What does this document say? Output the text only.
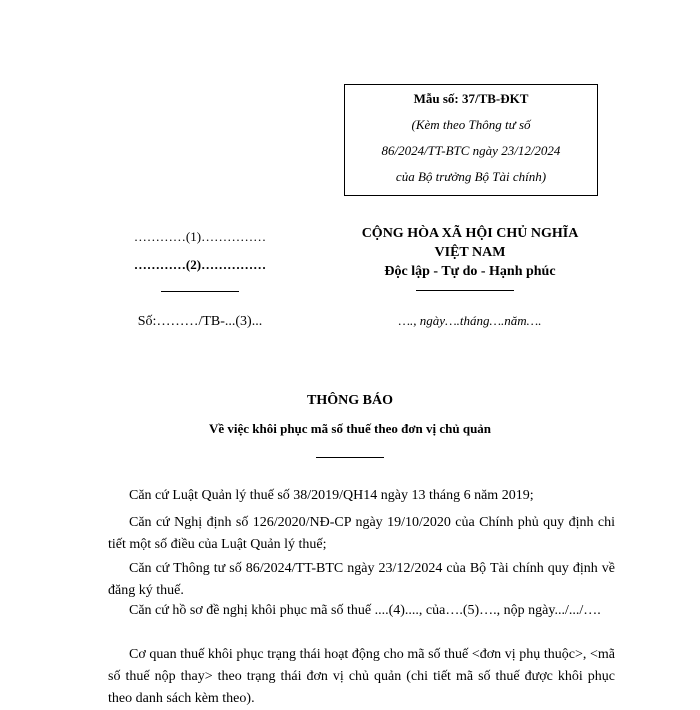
Mẫu số: 37/TB-ĐKT
(Kèm theo Thông tư số
86/2024/TT-BTC ngày 23/12/2024
của Bộ trưởng Bộ Tài chính)
…………(1)……………
…………(2)……………
Số:………/TB-...(3)...
CỘNG HÒA XÃ HỘI CHỦ NGHĨA
VIỆT NAM
Độc lập - Tự do - Hạnh phúc
…., ngày….tháng….năm….
THÔNG BÁO
Về việc khôi phục mã số thuế theo đơn vị chủ quản
Căn cứ Luật Quản lý thuế số 38/2019/QH14 ngày 13 tháng 6 năm 2019;
Căn cứ Nghị định số 126/2020/NĐ-CP ngày 19/10/2020 của Chính phủ quy định chi tiết một số điều của Luật Quản lý thuế;
Căn cứ Thông tư số 86/2024/TT-BTC ngày 23/12/2024 của Bộ Tài chính quy định về đăng ký thuế.
Căn cứ hồ sơ đề nghị khôi phục mã số thuế ....(4)...., của….(5)…., nộp ngày.../.../….
Cơ quan thuế khôi phục trạng thái hoạt động cho mã số thuế <đơn vị phụ thuộc>, <mã số thuế nộp thay> theo trạng thái đơn vị chủ quản (chi tiết mã số thuế được khôi phục theo danh sách kèm theo).
